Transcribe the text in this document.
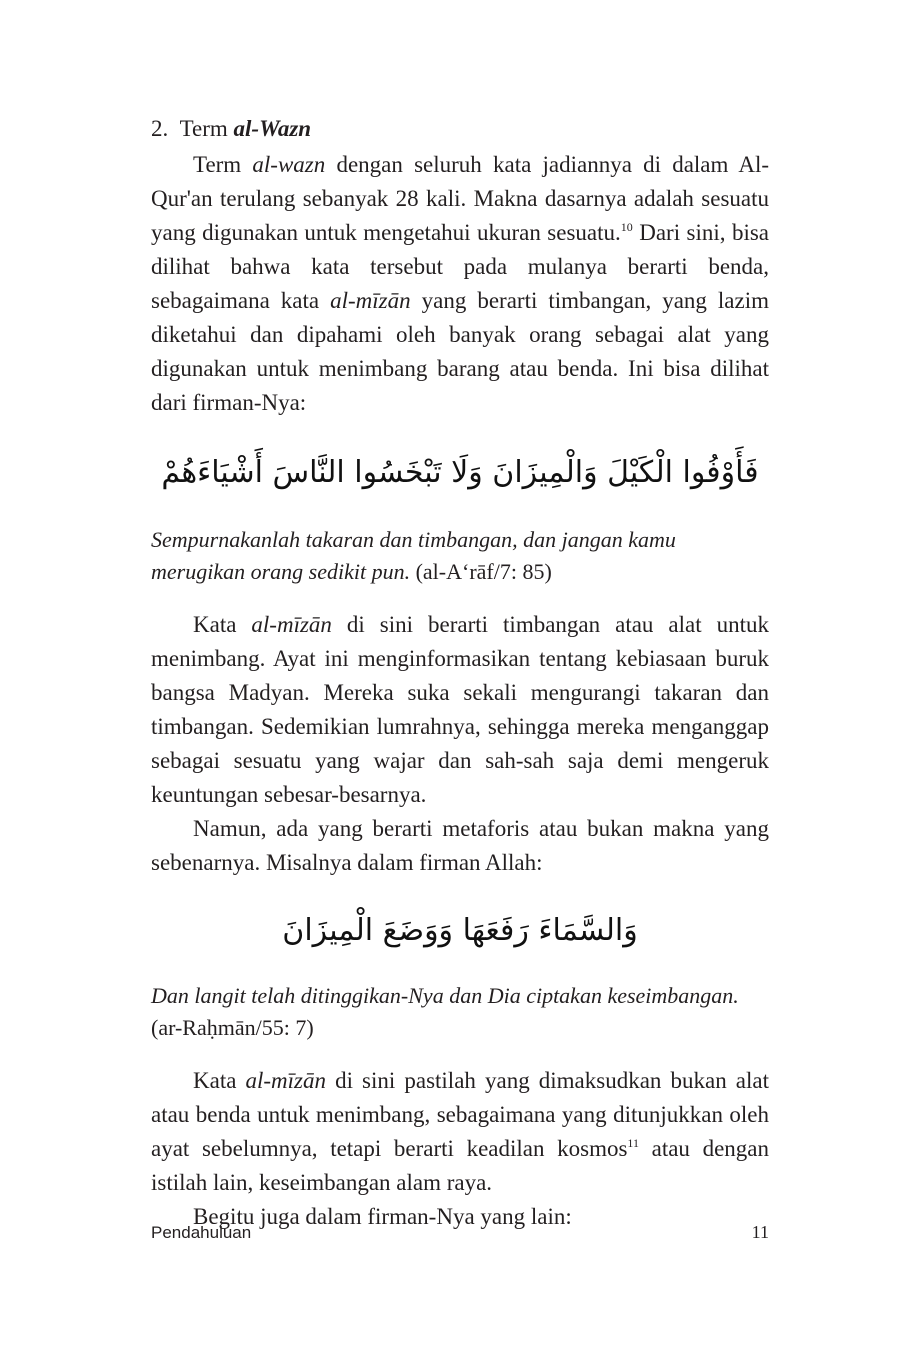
2. Term al-Wazn

Term al-wazn dengan seluruh kata jadiannya di dalam Al-Qur'an terulang sebanyak 28 kali. Makna dasarnya adalah sesuatu yang digunakan untuk mengetahui ukuran sesuatu.$^{10}$ Dari sini, bisa dilihat bahwa kata tersebut pada mulanya berarti benda, sebagaimana kata al-mīzān yang berarti timbangan, yang lazim diketahui dan dipahami oleh banyak orang sebagai alat yang digunakan untuk menimbang barang atau benda. Ini bisa dilihat dari firman-Nya:

فَأَوْفُوا الْكَيْلَ وَالْمِيزَانَ وَلَا تَبْخَسُوا النَّاسَ أَشْيَاءَهُمْ

Sempurnakanlah takaran dan timbangan, dan jangan kamu merugikan orang sedikit pun. (al-A‘rāf/7: 85)

Kata al-mīzān di sini berarti timbangan atau alat untuk menimbang. Ayat ini menginformasikan tentang kebiasaan buruk bangsa Madyan. Mereka suka sekali mengurangi takaran dan timbangan. Sedemikian lumrahnya, sehingga mereka menganggap sebagai sesuatu yang wajar dan sah-sah saja demi mengeruk keuntungan sebesar-besarnya.

Namun, ada yang berarti metaforis atau bukan makna yang sebenarnya. Misalnya dalam firman Allah:

وَالسَّمَاءَ رَفَعَهَا وَوَضَعَ الْمِيزَانَ

Dan langit telah ditinggikan-Nya dan Dia ciptakan keseimbangan. (ar-Raḥmān/55: 7)

Kata al-mīzān di sini pastilah yang dimaksudkan bukan alat atau benda untuk menimbang, sebagaimana yang ditunjukkan oleh ayat sebelumnya, tetapi berarti keadilan kosmos$^{11}$ atau dengan istilah lain, keseimbangan alam raya.

Begitu juga dalam firman-Nya yang lain:

Pendahuluan	11
